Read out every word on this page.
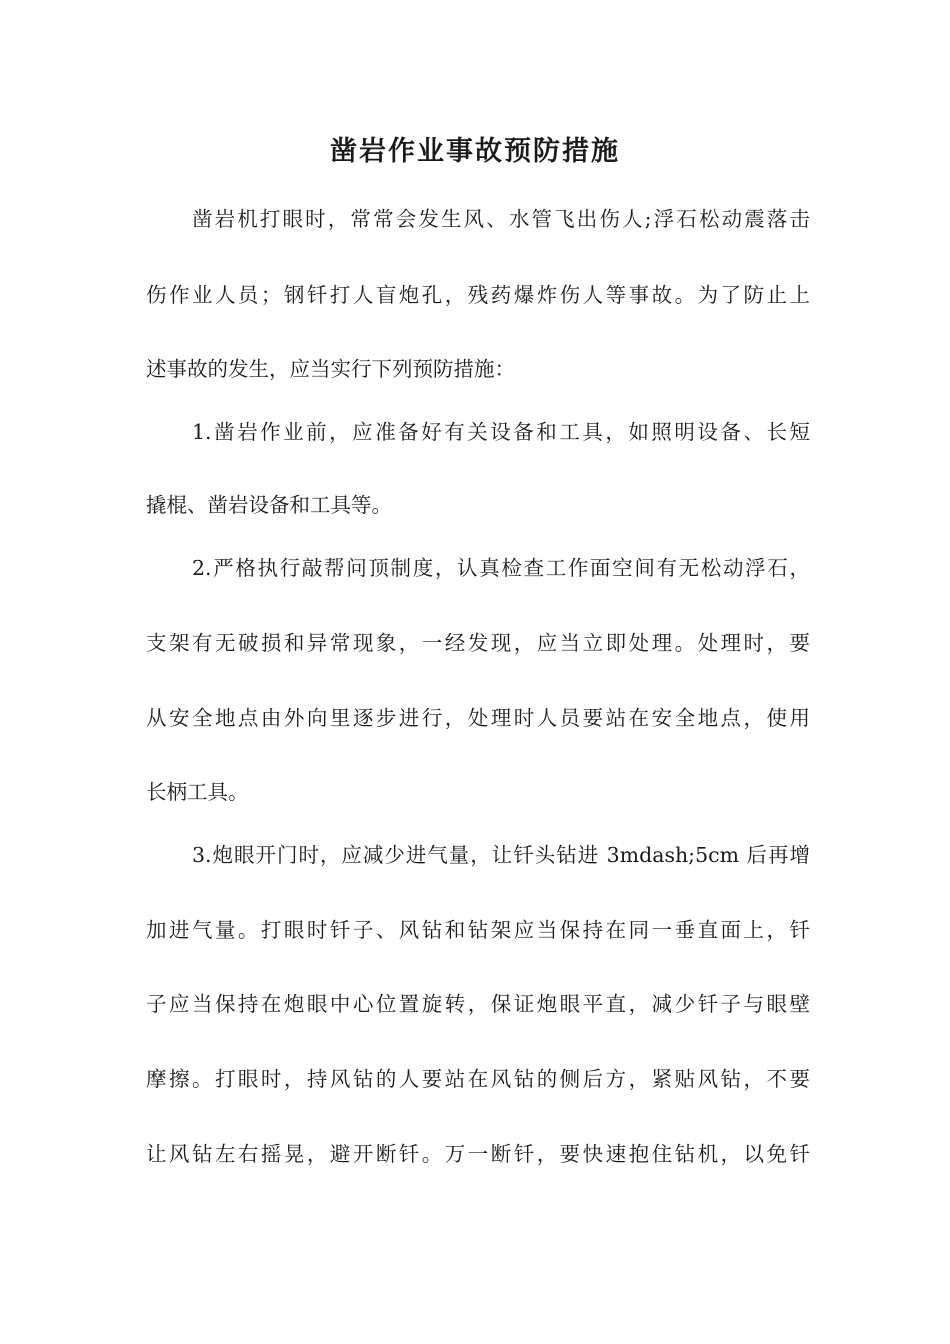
凿岩作业事故预防措施
凿岩机打眼时，常常会发生风、水管飞出伤人;浮石松动震落击
伤作业人员；钢钎打人盲炮孔，残药爆炸伤人等事故。为了防止上
述事故的发生，应当实行下列预防措施：
1.凿岩作业前，应准备好有关设备和工具，如照明设备、长短
撬棍、凿岩设备和工具等。
2.严格执行敲帮问顶制度，认真检查工作面空间有无松动浮石，
支架有无破损和异常现象，一经发现，应当立即处理。处理时，要
从安全地点由外向里逐步进行，处理时人员要站在安全地点，使用
长柄工具。
3.炮眼开门时，应减少进气量，让钎头钻进 3mdash;5cm 后再增
加进气量。打眼时钎子、风钻和钻架应当保持在同一垂直面上，钎
子应当保持在炮眼中心位置旋转，保证炮眼平直，减少钎子与眼壁
摩擦。打眼时，持风钻的人要站在风钻的侧后方，紧贴风钻，不要
让风钻左右摇晃，避开断钎。万一断钎，要快速抱住钻机，以免钎
